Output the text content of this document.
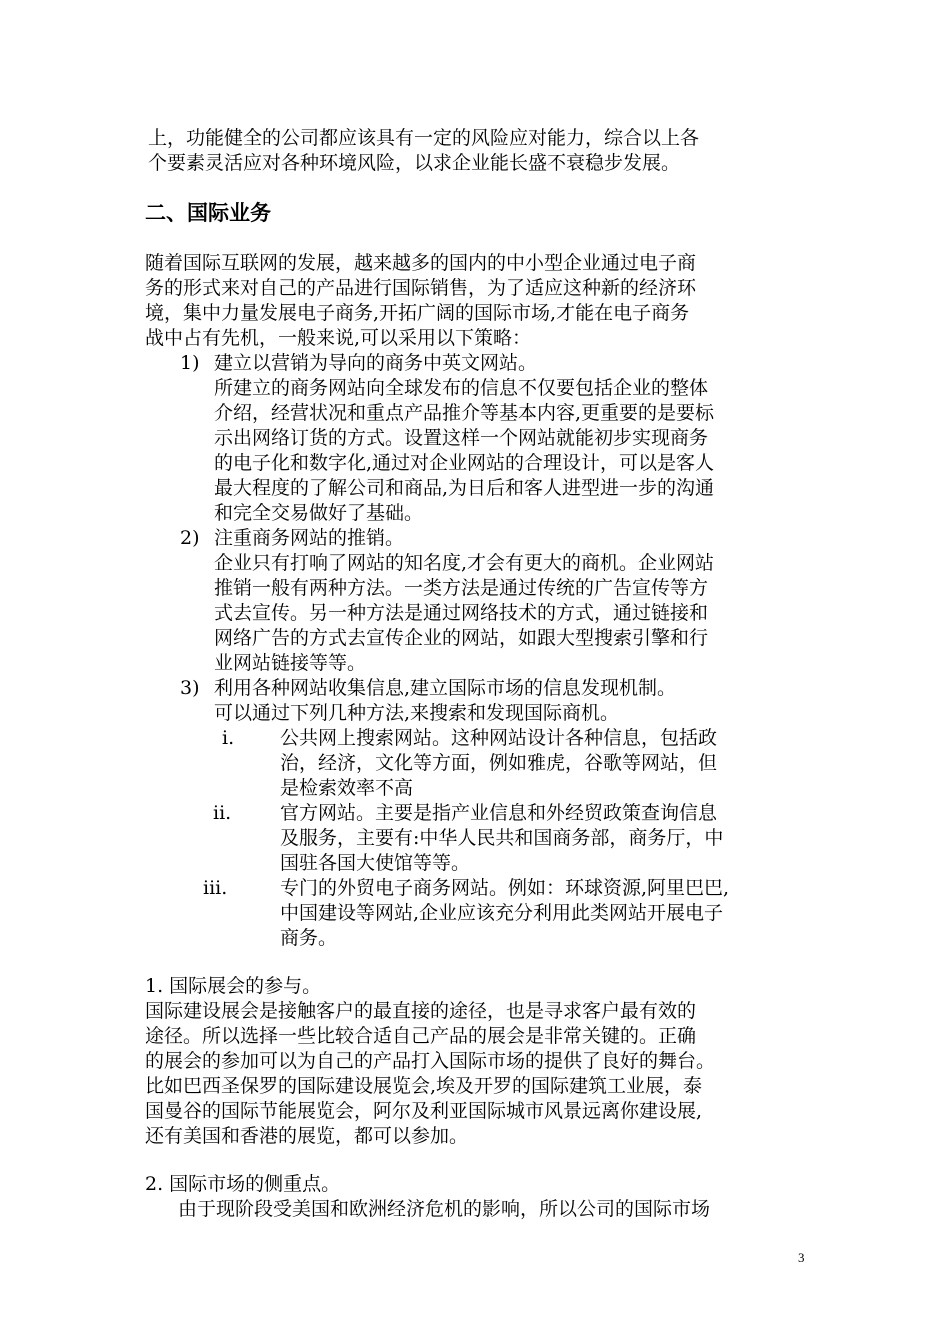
上，功能健全的公司都应该具有一定的风险应对能力，综合以上各
个要素灵活应对各种环境风险，以求企业能长盛不衰稳步发展。
二、国际业务
随着国际互联网的发展，越来越多的国内的中小型企业通过电子商
务的形式来对自己的产品进行国际销售，为了适应这种新的经济环
境，集中力量发展电子商务,开拓广阔的国际市场,才能在电子商务
战中占有先机，一般来说,可以采用以下策略：
1) 建立以营销为导向的商务中英文网站。
所建立的商务网站向全球发布的信息不仅要包括企业的整体
介绍，经营状况和重点产品推介等基本内容,更重要的是要标
示出网络订货的方式。设置这样一个网站就能初步实现商务
的电子化和数字化,通过对企业网站的合理设计，可以是客人
最大程度的了解公司和商品,为日后和客人进型进一步的沟通
和完全交易做好了基础。
2) 注重商务网站的推销。
企业只有打响了网站的知名度,才会有更大的商机。企业网站
推销一般有两种方法。一类方法是通过传统的广告宣传等方
式去宣传。另一种方法是通过网络技术的方式，通过链接和
网络广告的方式去宣传企业的网站，如跟大型搜索引擎和行
业网站链接等等。
3) 利用各种网站收集信息,建立国际市场的信息发现机制。
可以通过下列几种方法,来搜索和发现国际商机。
i. 公共网上搜索网站。这种网站设计各种信息，包括政
治，经济，文化等方面，例如雅虎，谷歌等网站，但
是检索效率不高
ii.	官方网站。主要是指产业信息和外经贸政策查询信息
及服务，主要有:中华人民共和国商务部，商务厅，中
国驻各国大使馆等等。
iii.	专门的外贸电子商务网站。例如：环球资源,阿里巴巴,
中国建设等网站,企业应该充分利用此类网站开展电子
商务。
1. 国际展会的参与。
国际建设展会是接触客户的最直接的途径，也是寻求客户最有效的
途径。所以选择一些比较合适自己产品的展会是非常关键的。正确
的展会的参加可以为自己的产品打入国际市场的提供了良好的舞台。
比如巴西圣保罗的国际建设展览会,埃及开罗的国际建筑工业展，泰
国曼谷的国际节能展览会，阿尔及利亚国际城市风景远离你建设展,
还有美国和香港的展览，都可以参加。
2. 国际市场的侧重点。
由于现阶段受美国和欧洲经济危机的影响，所以公司的国际市场
3
